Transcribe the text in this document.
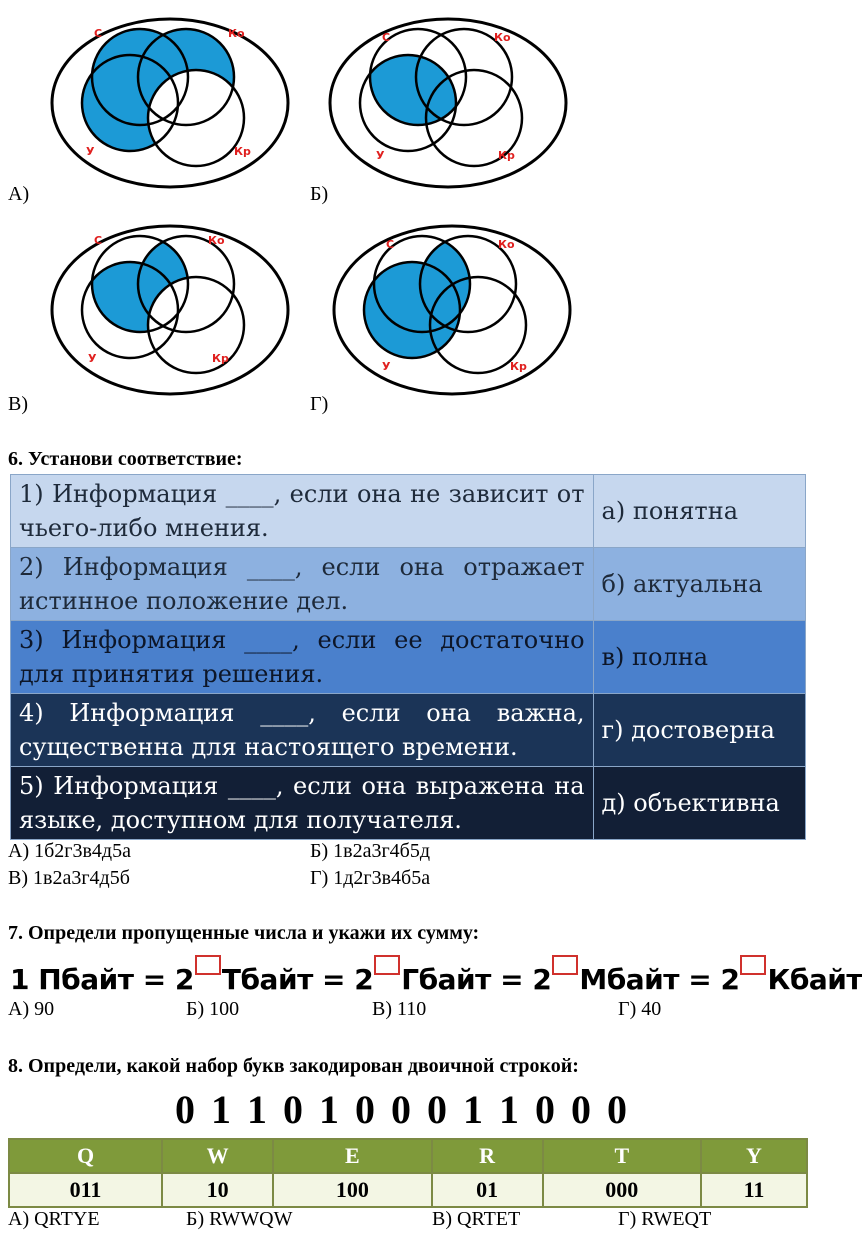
С	Ко
У	Кр
А)
С	Ко
У	Кр
Б)
С	Ко
У	Кр
В)
С	Ко
У	Кр
Г)
6. Установи соответствие:
1) Информация ____, если она не зависит от чьего-либо мнения.	а) понятна
2) Информация ____, если она отражает истинное положение дел.	б) актуальна
3) Информация ____, если ее достаточно для принятия решения.	в) полна
4) Информация ____, если она важна, существенна для настоящего времени.	г) достоверна
5) Информация ____, если она выражена на языке, доступном для получателя.	д) объективна
А) 1б2г3в4д5а	Б) 1в2а3г4б5д
В) 1в2а3г4д5б	Г) 1д2г3в4б5а
7. Определи пропущенные числа и укажи их сумму:
1 Пбайт = 2 Тбайт = 2 Гбайт = 2 Мбайт = 2 Кбайт
А) 90	Б) 100	В) 110	Г) 40
8. Определи, какой набор букв закодирован двоичной строкой:
0 1 1 0 1 0 0 0 1 1 0 0 0
Q	W	E	R	T	Y
011	10	100	01	000	11
А) QRTYE	Б) RWWQW	В) QRTET	Г) RWEQT
